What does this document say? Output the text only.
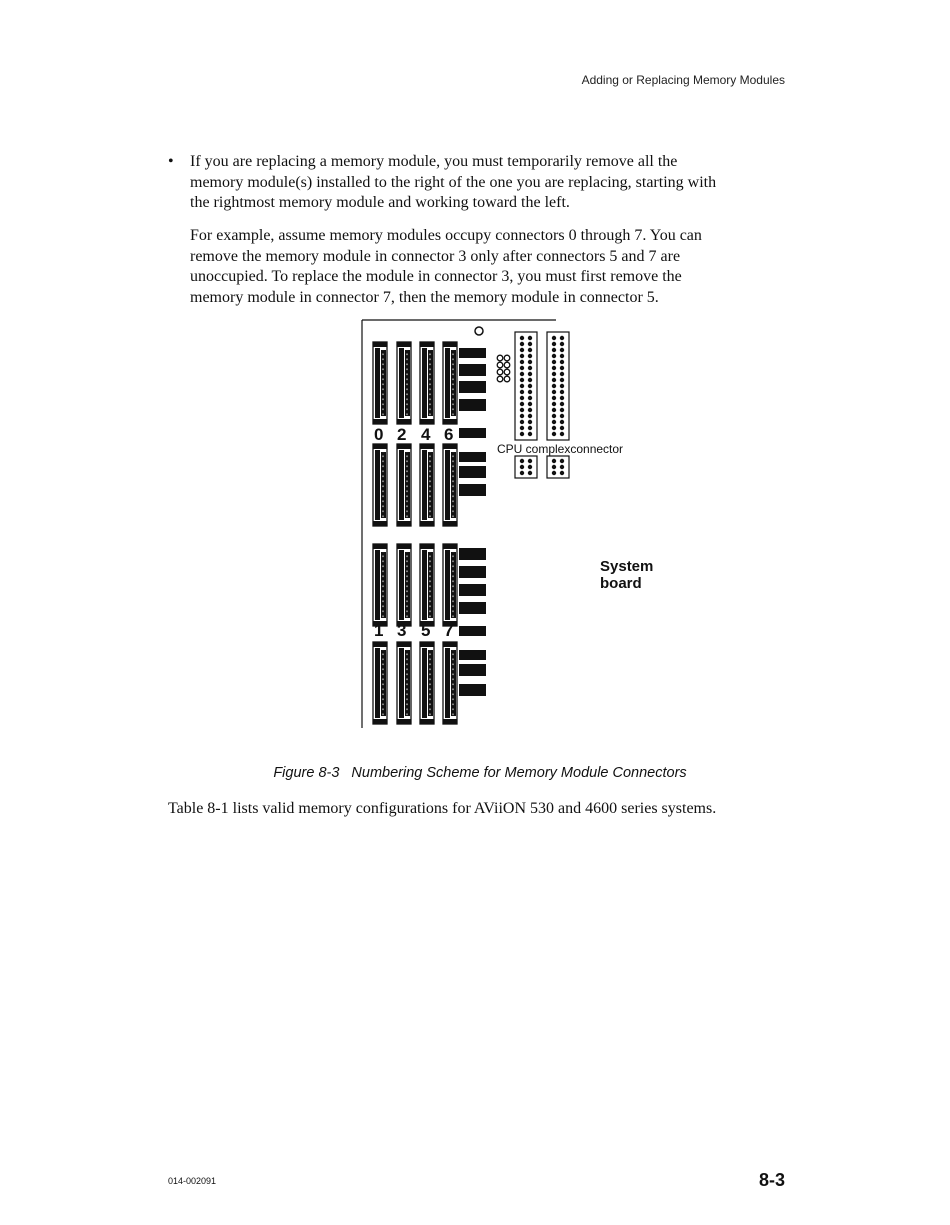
Adding or Replacing Memory Modules
• If you are replacing a memory module, you must temporarily remove all the

memory module(s) installed to the right of the one you are replacing, starting with

the rightmost memory module and working toward the left.

For example, assume memory modules occupy connectors 0 through 7. You can

remove the memory module in connector 3 only after connectors 5 and 7 are

unoccupied. To replace the module in connector 3, you must first remove the

memory module in connector 7, then the memory module in connector 5.

0 2 4 6
1 3 5 7
CPU complexconnector
System
board
Figure 8-3 Numbering Scheme for Memory Module Connectors
Table 8-1 lists valid memory configurations for AViiON 530 and 4600 series systems.
014-002091	8-3
